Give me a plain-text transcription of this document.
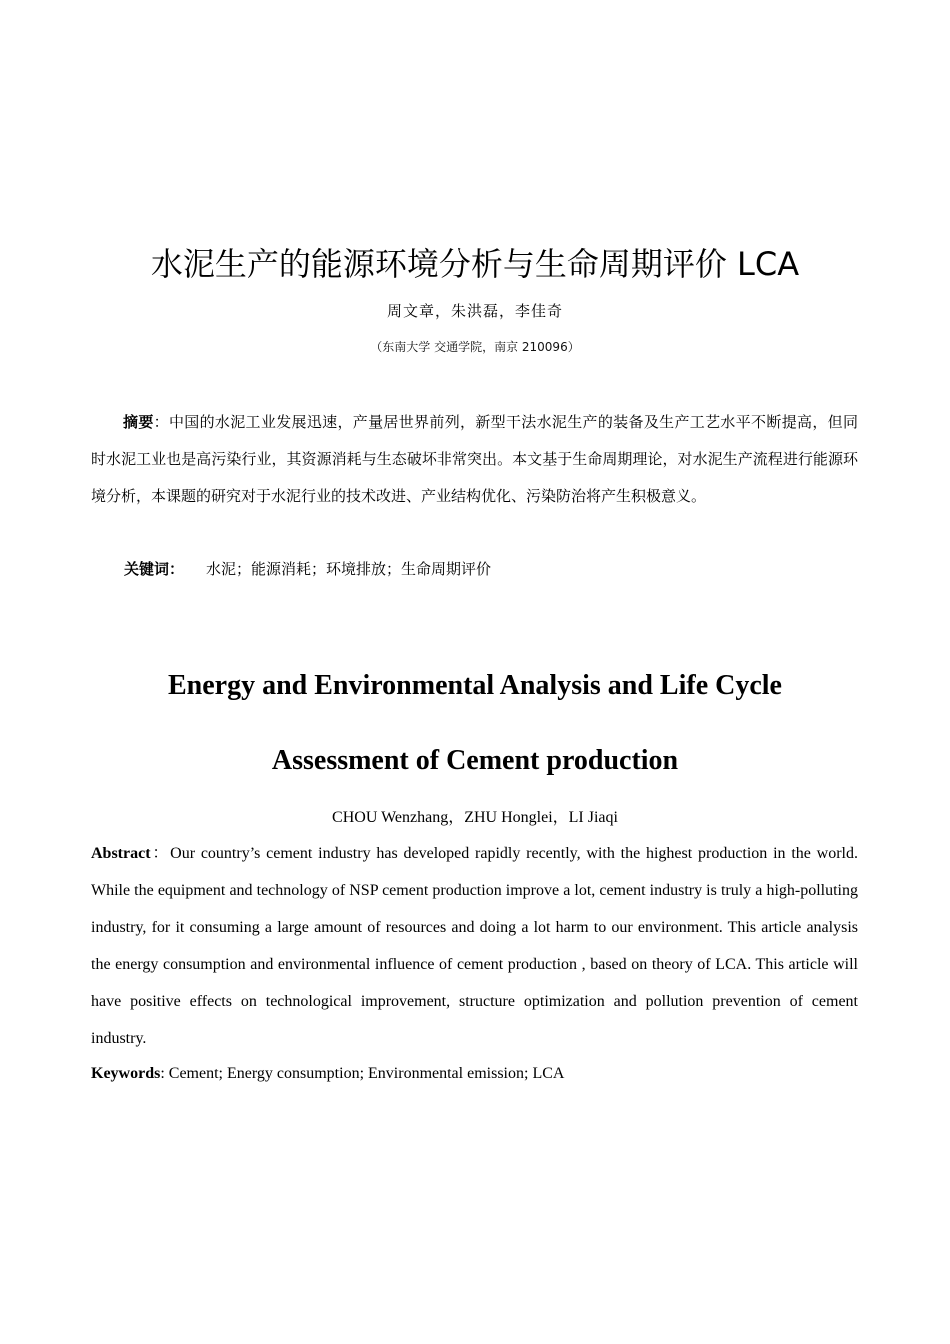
水泥生产的能源环境分析与生命周期评价 LCA
周文章，朱洪磊，李佳奇
（东南大学 交通学院，南京 210096）

摘要：中国的水泥工业发展迅速，产量居世界前列，新型干法水泥生产的装备及生产工艺水平不断提高，但同时水泥工业也是高污染行业，其资源消耗与生态破坏非常突出。本文基于生命周期理论，对水泥生产流程进行能源环境分析，本课题的研究对于水泥行业的技术改进、产业结构优化、污染防治将产生积极意义。

关键词： 水泥；能源消耗；环境排放；生命周期评价
Energy and Environmental Analysis and Life Cycle
Assessment of Cement production
CHOU Wenzhang，ZHU Honglei，LI Jiaqi

Abstract：Our country’s cement industry has developed rapidly recently, with the highest production in the world. While the equipment and technology of NSP cement production improve a lot, cement industry is truly a high-polluting industry, for it consuming a large amount of resources and doing a lot harm to our environment. This article analysis the energy consumption and environmental influence of cement production , based on theory of LCA. This article will have positive effects on technological improvement, structure optimization and pollution prevention of cement industry.

Keywords: Cement; Energy consumption; Environmental emission; LCA
